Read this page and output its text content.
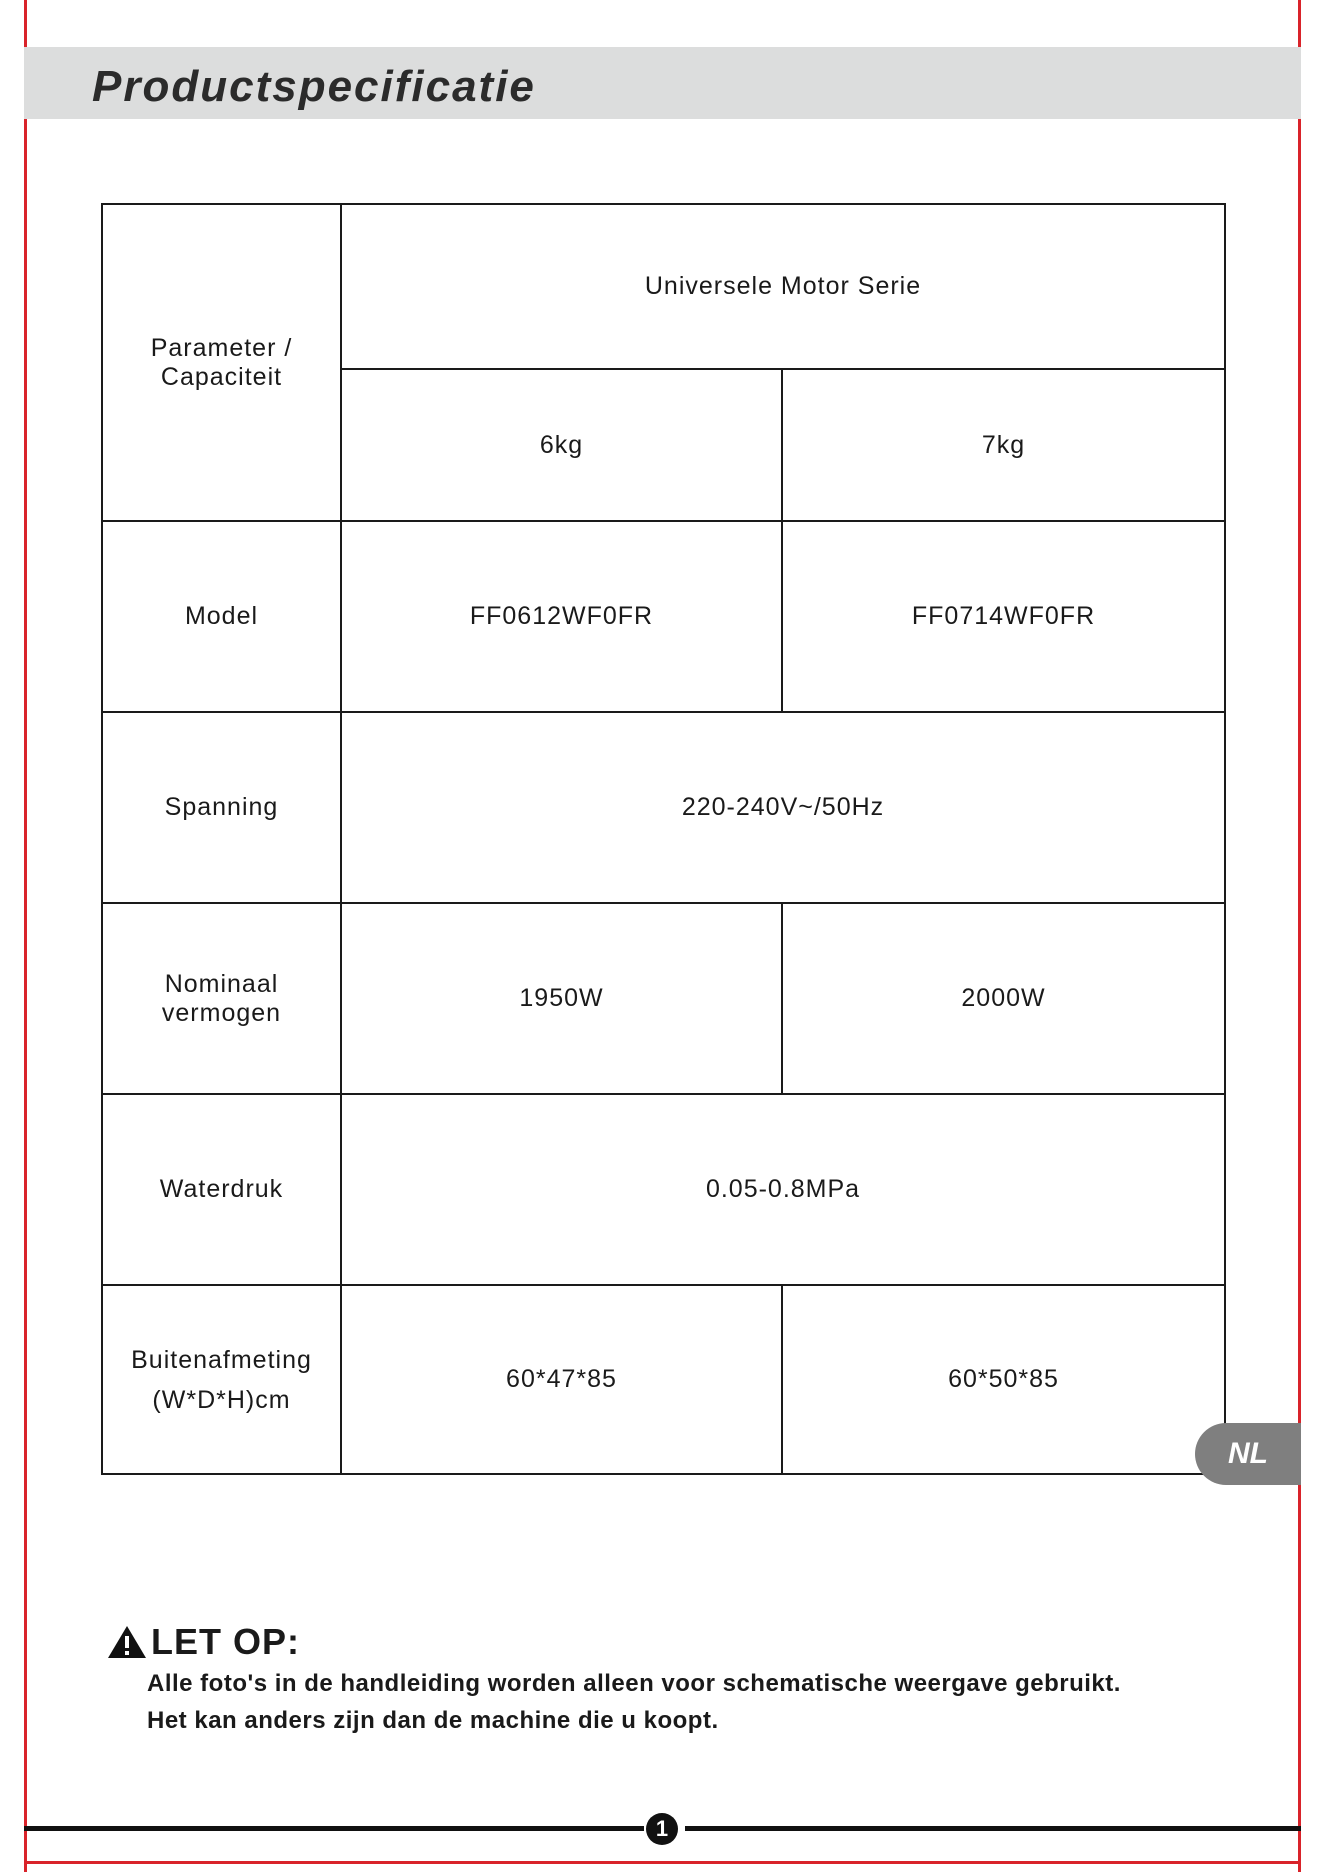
Productspecificatie
Parameter /
Capaciteit	Universele Motor Serie	
	6kg	7kg
Model	FF0612WF0FR	FF0714WF0FR
Spanning	220-240V~/50Hz	

Nominaal
vermogen	1950W	2000W
Waterdruk	0.05-0.8MPa	

Buitenafmeting
(W*D*H)cm	60*47*85	60*50*85
NL
LET OP:
Alle foto's in de handleiding worden alleen voor schematische weergave gebruikt.
Het kan anders zijn dan de machine die u koopt.
1
